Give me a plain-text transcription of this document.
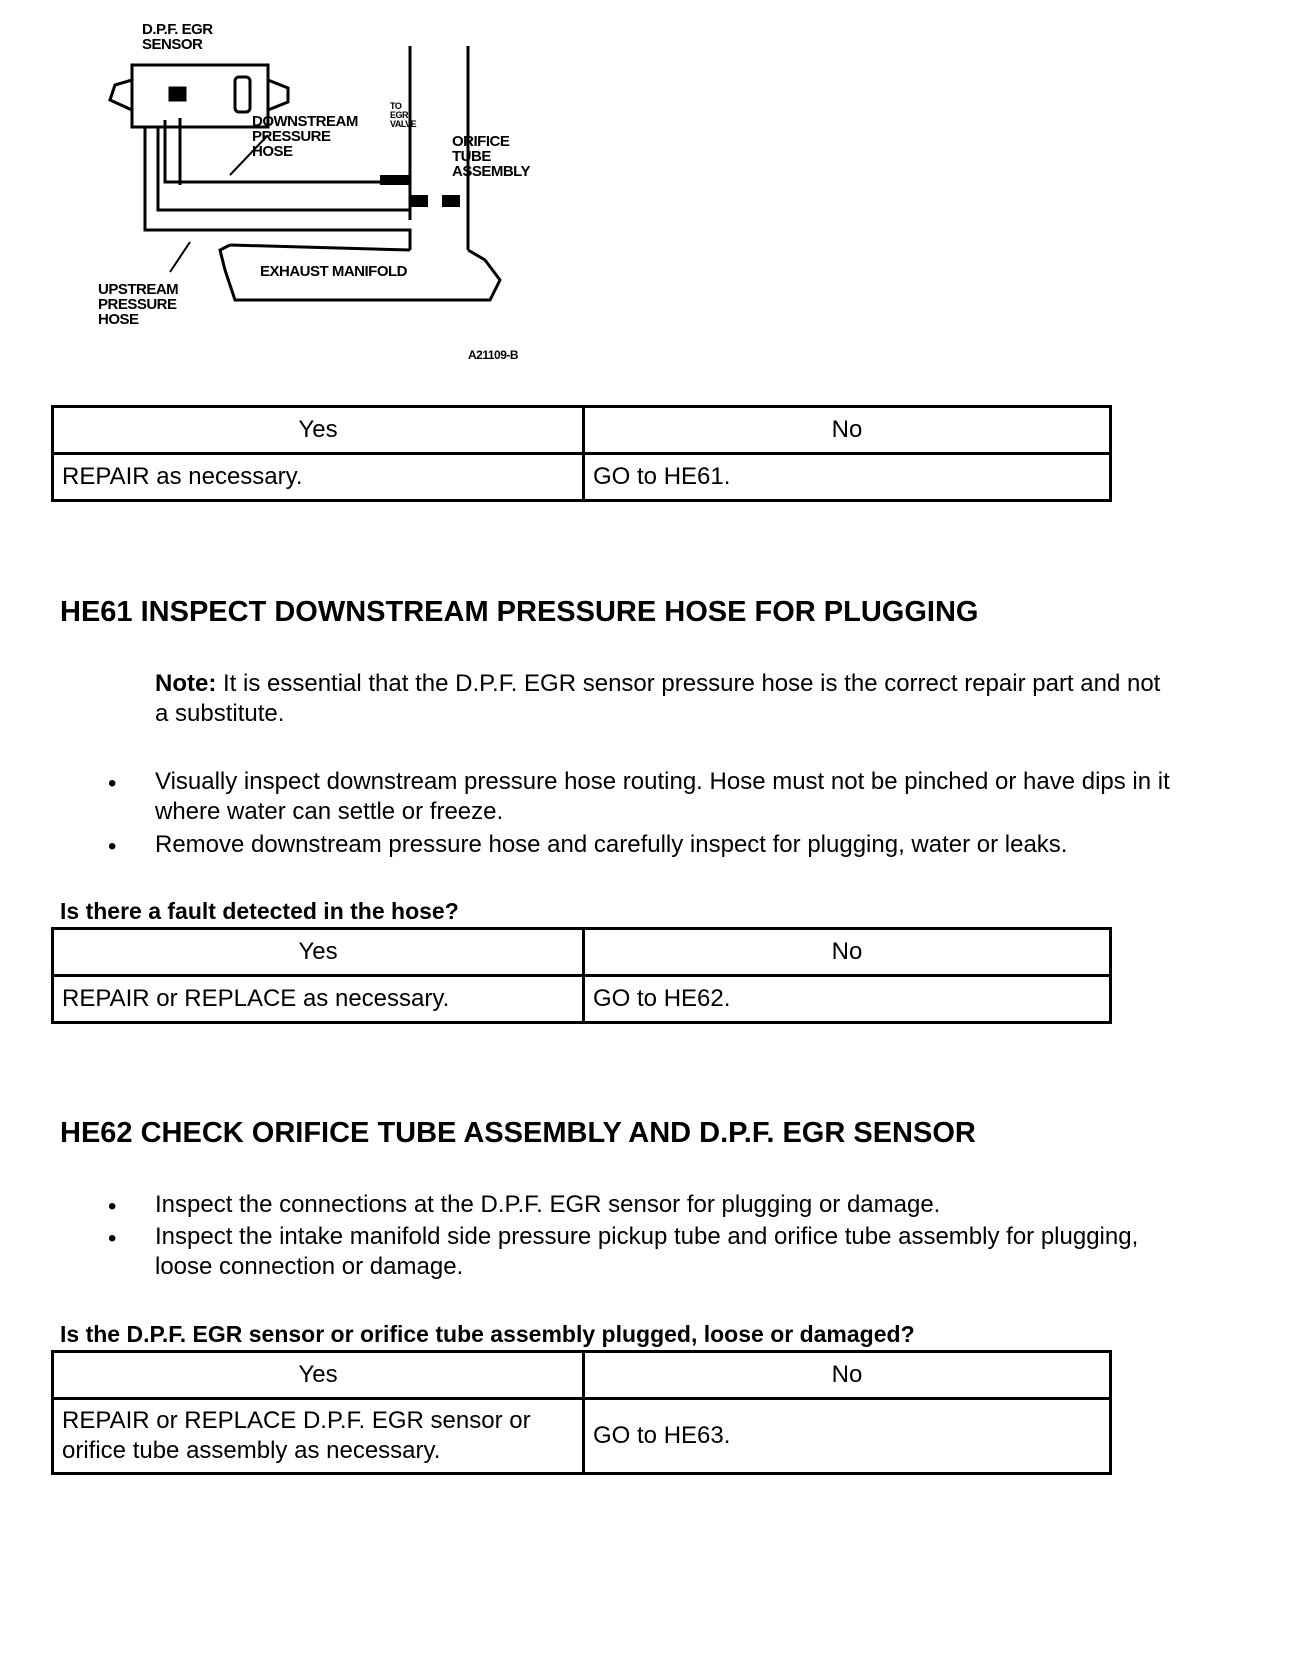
D.P.F. EGR
SENSOR
DOWNSTREAM
PRESSURE
HOSE
TO
EGR
VALVE
ORIFICE
TUBE
ASSEMBLY
EXHAUST MANIFOLD
UPSTREAM
PRESSURE
HOSE
A21109-B
Yes	No
REPAIR as necessary.	GO to HE61.
HE61 INSPECT DOWNSTREAM PRESSURE HOSE FOR PLUGGING
Note: It is essential that the D.P.F. EGR sensor pressure hose is the correct repair part and not a substitute.
• Visually inspect downstream pressure hose routing. Hose must not be pinched or have dips in it where water can settle or freeze.
• Remove downstream pressure hose and carefully inspect for plugging, water or leaks.
Is there a fault detected in the hose?
Yes	No
REPAIR or REPLACE as necessary.	GO to HE62.
HE62 CHECK ORIFICE TUBE ASSEMBLY AND D.P.F. EGR SENSOR
• Inspect the connections at the D.P.F. EGR sensor for plugging or damage.
• Inspect the intake manifold side pressure pickup tube and orifice tube assembly for plugging, loose connection or damage.
Is the D.P.F. EGR sensor or orifice tube assembly plugged, loose or damaged?
Yes	No
REPAIR or REPLACE D.P.F. EGR sensor or orifice tube assembly as necessary.	GO to HE63.
